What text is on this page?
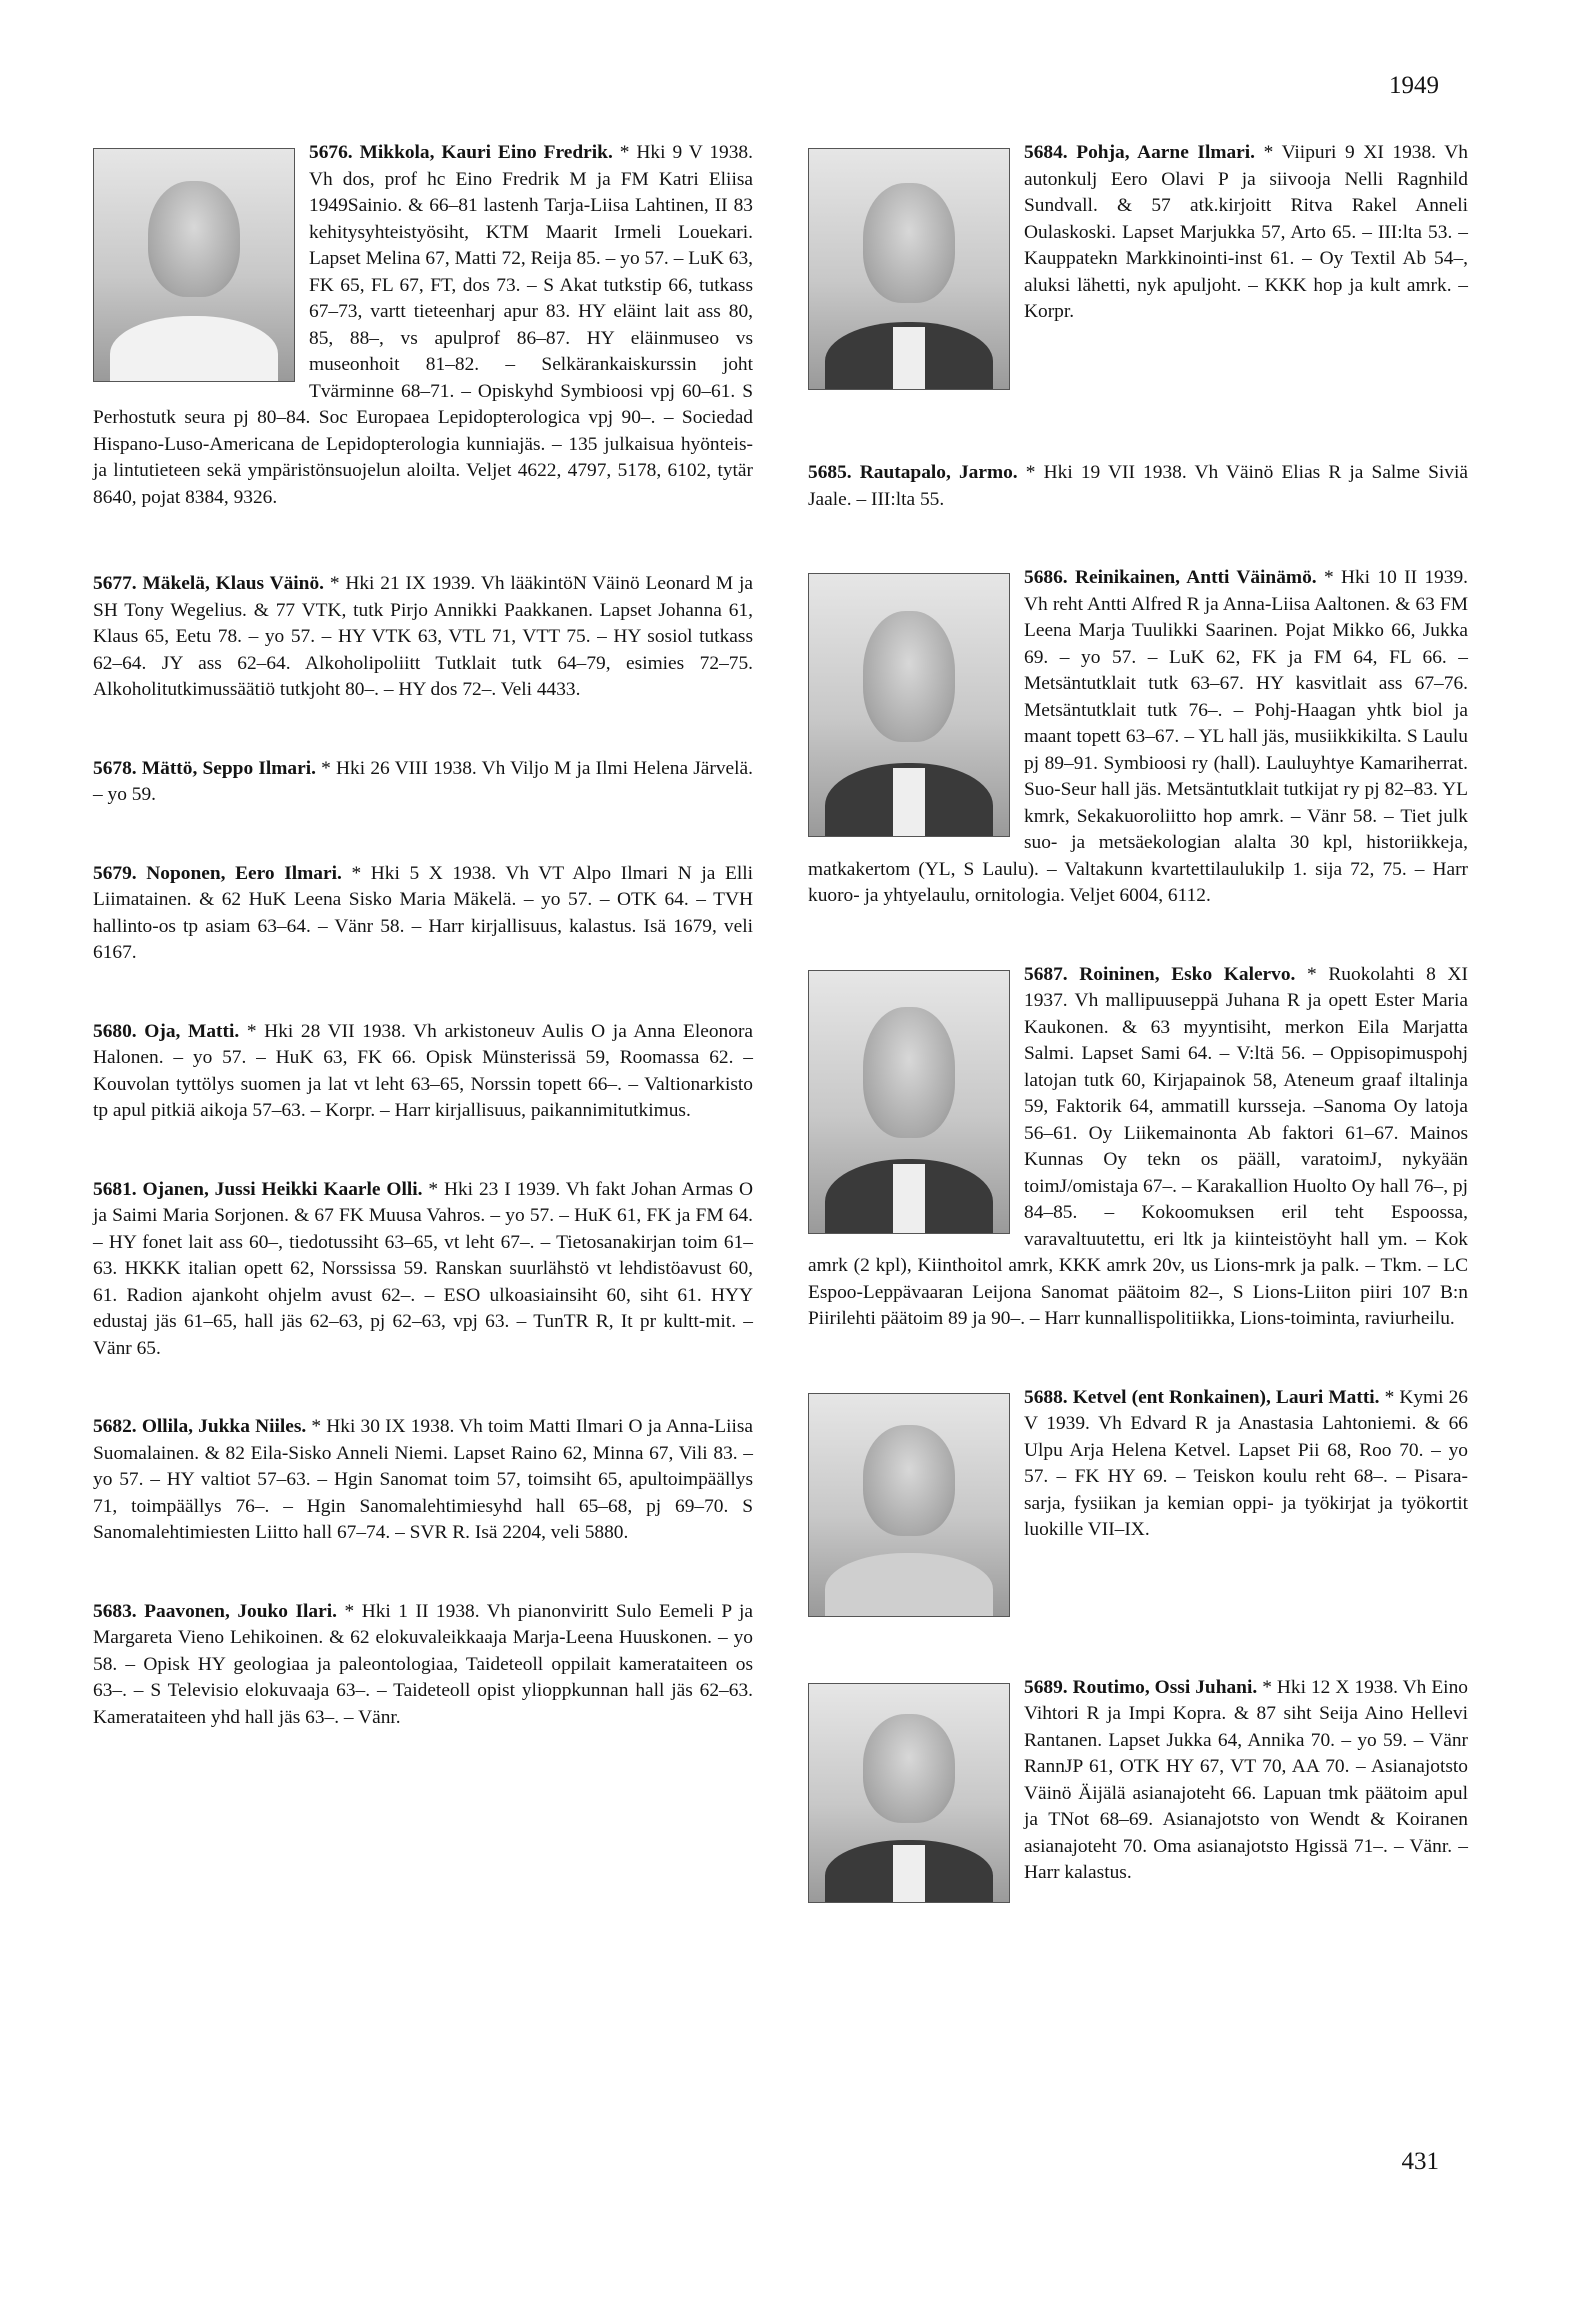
1949
5676. Mikkola, Kauri Eino Fredrik. * Hki 9 V 1938. Vh dos, prof hc Eino Fredrik M ja FM Katri Eliisa 1949Sainio. & 66–81 lastenh Tarja-Liisa Lahtinen, II 83 kehitysyhteistyösiht, KTM Maarit Irmeli Louekari. Lapset Melina 67, Matti 72, Reija 85. – yo 57. – LuK 63, FK 65, FL 67, FT, dos 73. – S Akat tutkstip 66, tutkass 67–73, vartt tieteenharj apur 83. HY eläint lait ass 80, 85, 88–, vs apulprof 86–87. HY eläinmuseo vs museonhoit 81–82. – Selkärankaiskurssin joht Tvärminne 68–71. – Opiskyhd Symbioosi vpj 60–61. S Perhostutk seura pj 80–84. Soc Europaea Lepidopterologica vpj 90–. – Sociedad Hispano-Luso-Americana de Lepidopterologia kunniajäs. – 135 julkaisua hyönteis- ja lintutieteen sekä ympäristönsuojelun aloilta. Veljet 4622, 4797, 5178, 6102, tytär 8640, pojat 8384, 9326.
5677. Mäkelä, Klaus Väinö. * Hki 21 IX 1939. Vh lääkintöN Väinö Leonard M ja SH Tony Wegelius. & 77 VTK, tutk Pirjo Annikki Paakkanen. Lapset Johanna 61, Klaus 65, Eetu 78. – yo 57. – HY VTK 63, VTL 71, VTT 75. – HY sosiol tutkass 62–64. JY ass 62–64. Alkoholipoliitt Tutklait tutk 64–79, esimies 72–75. Alkoholitutkimussäätiö tutkjoht 80–. – HY dos 72–. Veli 4433.
5678. Mättö, Seppo Ilmari. * Hki 26 VIII 1938. Vh Viljo M ja Ilmi Helena Järvelä. – yo 59.
5679. Noponen, Eero Ilmari. * Hki 5 X 1938. Vh VT Alpo Ilmari N ja Elli Liimatainen. & 62 HuK Leena Sisko Maria Mäkelä. – yo 57. – OTK 64. – TVH hallinto-os tp asiam 63–64. – Vänr 58. – Harr kirjallisuus, kalastus. Isä 1679, veli 6167.
5680. Oja, Matti. * Hki 28 VII 1938. Vh arkistoneuv Aulis O ja Anna Eleonora Halonen. – yo 57. – HuK 63, FK 66. Opisk Münsterissä 59, Roomassa 62. – Kouvolan tyttölys suomen ja lat vt leht 63–65, Norssin topett 66–. – Valtionarkisto tp apul pitkiä aikoja 57–63. – Korpr. – Harr kirjallisuus, paikannimitutkimus.
5681. Ojanen, Jussi Heikki Kaarle Olli. * Hki 23 I 1939. Vh fakt Johan Armas O ja Saimi Maria Sorjonen. & 67 FK Muusa Vahros. – yo 57. – HuK 61, FK ja FM 64. – HY fonet lait ass 60–, tiedotussiht 63–65, vt leht 67–. – Tietosanakirjan toim 61–63. HKKK italian opett 62, Norssissa 59. Ranskan suurlähstö vt lehdistöavust 60, 61. Radion ajankoht ohjelm avust 62–. – ESO ulkoasiainsiht 60, siht 61. HYY edustaj jäs 61–65, hall jäs 62–63, pj 62–63, vpj 63. – TunTR R, It pr kultt-mit. – Vänr 65.
5682. Ollila, Jukka Niiles. * Hki 30 IX 1938. Vh toim Matti Ilmari O ja Anna-Liisa Suomalainen. & 82 Eila-Sisko Anneli Niemi. Lapset Raino 62, Minna 67, Vili 83. – yo 57. – HY valtiot 57–63. – Hgin Sanomat toim 57, toimsiht 65, apultoimpäällys 71, toimpäällys 76–. – Hgin Sanomalehtimiesyhd hall 65–68, pj 69–70. S Sanomalehtimiesten Liitto hall 67–74. – SVR R. Isä 2204, veli 5880.
5683. Paavonen, Jouko Ilari. * Hki 1 II 1938. Vh pianonviritt Sulo Eemeli P ja Margareta Vieno Lehikoinen. & 62 elokuvaleikkaaja Marja-Leena Huuskonen. – yo 58. – Opisk HY geologiaa ja paleontologiaa, Taideteoll oppilait kamerataiteen os 63–. – S Televisio elokuvaaja 63–. – Taideteoll opist ylioppkunnan hall jäs 62–63. Kamerataiteen yhd hall jäs 63–. – Vänr.
5684. Pohja, Aarne Ilmari. * Viipuri 9 XI 1938. Vh autonkulj Eero Olavi P ja siivooja Nelli Ragnhild Sundvall. & 57 atk.kirjoitt Ritva Rakel Anneli Oulaskoski. Lapset Marjukka 57, Arto 65. – III:lta 53. – Kauppatekn Markkinointi-inst 61. – Oy Textil Ab 54–, aluksi lähetti, nyk apuljoht. – KKK hop ja kult amrk. – Korpr.
5685. Rautapalo, Jarmo. * Hki 19 VII 1938. Vh Väinö Elias R ja Salme Siviä Jaale. – III:lta 55.
5686. Reinikainen, Antti Väinämö. * Hki 10 II 1939. Vh reht Antti Alfred R ja Anna-Liisa Aaltonen. & 63 FM Leena Marja Tuulikki Saarinen. Pojat Mikko 66, Jukka 69. – yo 57. – LuK 62, FK ja FM 64, FL 66. – Metsäntutklait tutk 63–67. HY kasvitlait ass 67–76. Metsäntutklait tutk 76–. – Pohj-Haagan yhtk biol ja maant topett 63–67. – YL hall jäs, musiikkikilta. S Laulu pj 89–91. Symbioosi ry (hall). Lauluyhtye Kamariherrat. Suo-Seur hall jäs. Metsäntutklait tutkijat ry pj 82–83. YL kmrk, Sekakuoroliitto hop amrk. – Vänr 58. – Tiet julk suo- ja metsäekologian alalta 30 kpl, historiikkeja, matkakertom (YL, S Laulu). – Valtakunn kvartettilaulukilp 1. sija 72, 75. – Harr kuoro- ja yhtyelaulu, ornitologia. Veljet 6004, 6112.
5687. Roininen, Esko Kalervo. * Ruokolahti 8 XI 1937. Vh mallipuuseppä Juhana R ja opett Ester Maria Kaukonen. & 63 myyntisiht, merkon Eila Marjatta Salmi. Lapset Sami 64. – V:ltä 56. – Oppisopimuspohj latojan tutk 60, Kirjapainok 58, Ateneum graaf iltalinja 59, Faktorik 64, ammatill kursseja. –Sanoma Oy latoja 56–61. Oy Liikemainonta Ab faktori 61–67. Mainos Kunnas Oy tekn os pääll, varatoimJ, nykyään toimJ/omistaja 67–. – Karakallion Huolto Oy hall 76–, pj 84–85. – Kokoomuksen eril teht Espoossa, varavaltuutettu, eri ltk ja kiinteistöyht hall ym. – Kok amrk (2 kpl), Kiinthoitol amrk, KKK amrk 20v, us Lions-mrk ja palk. – Tkm. – LC Espoo-Leppävaaran Leijona Sanomat päätoim 82–, S Lions-Liiton piiri 107 B:n Piirilehti päätoim 89 ja 90–. – Harr kunnallispolitiikka, Lions-toiminta, raviurheilu.
5688. Ketvel (ent Ronkainen), Lauri Matti. * Kymi 26 V 1939. Vh Edvard R ja Anastasia Lahtoniemi. & 66 Ulpu Arja Helena Ketvel. Lapset Pii 68, Roo 70. – yo 57. – FK HY 69. – Teiskon koulu reht 68–. – Pisara-sarja, fysiikan ja kemian oppi- ja työkirjat ja työkortit luokille VII–IX.
5689. Routimo, Ossi Juhani. * Hki 12 X 1938. Vh Eino Vihtori R ja Impi Kopra. & 87 siht Seija Aino Hellevi Rantanen. Lapset Jukka 64, Annika 70. – yo 59. – Vänr RannJP 61, OTK HY 67, VT 70, AA 70. – Asianajotsto Väinö Äijälä asianajoteht 66. Lapuan tmk päätoim apul ja TNot 68–69. Asianajotsto von Wendt & Koiranen asianajoteht 70. Oma asianajotsto Hgissä 71–. – Vänr. – Harr kalastus.
431
